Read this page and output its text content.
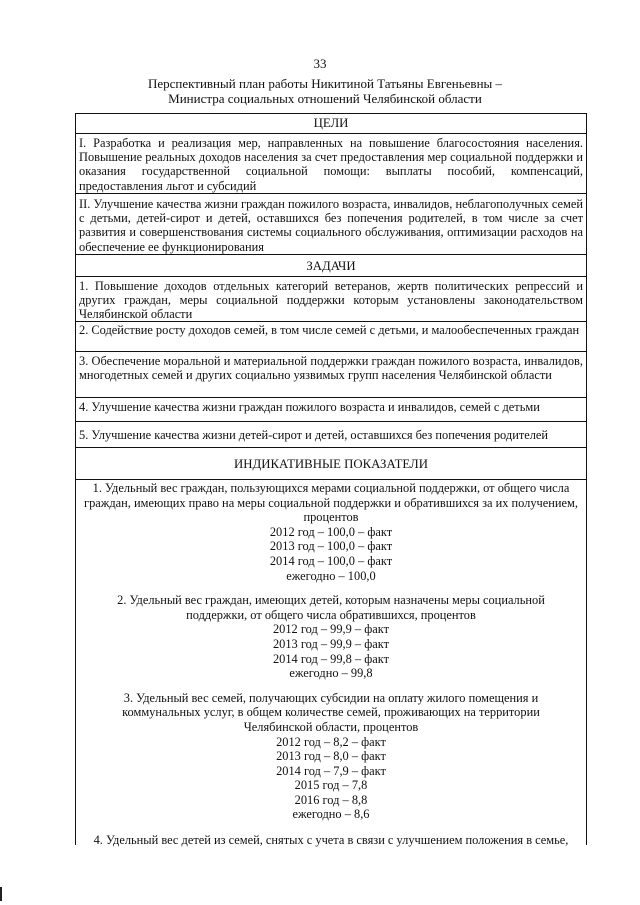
33
Перспективный план работы Никитиной Татьяны Евгеньевны –
Министра социальных отношений Челябинской области
ЦЕЛИ
I. Разработка и реализация мер, направленных на повышение благосостояния населения. Повышение реальных доходов населения за счет предоставления мер социальной поддержки и оказания государственной социальной помощи: выплаты пособий, компенсаций, предоставления льгот и субсидий
II. Улучшение качества жизни граждан пожилого возраста, инвалидов, неблагополучных семей с детьми, детей-сирот и детей, оставшихся без попечения родителей, в том числе за счет развития и совершенствования системы социального обслуживания, оптимизации расходов на обеспечение ее функционирования
ЗАДАЧИ
1. Повышение доходов отдельных категорий ветеранов, жертв политических репрессий и других граждан, меры социальной поддержки которым установлены законодательством Челябинской области
2. Содействие росту доходов семей, в том числе семей с детьми, и малообеспеченных граждан
3. Обеспечение моральной и материальной поддержки граждан пожилого возраста, инвалидов, многодетных семей и других социально уязвимых групп населения Челябинской области
4. Улучшение качества жизни граждан пожилого возраста и инвалидов, семей с детьми
5. Улучшение качества жизни детей-сирот и детей, оставшихся без попечения родителей
ИНДИКАТИВНЫЕ ПОКАЗАТЕЛИ
1. Удельный вес граждан, пользующихся мерами социальной поддержки, от общего числа граждан, имеющих право на меры социальной поддержки и обратившихся за их получением, процентов
2012 год – 100,0 – факт
2013 год – 100,0 – факт
2014 год – 100,0 – факт
ежегодно – 100,0
2. Удельный вес граждан, имеющих детей, которым назначены меры социальной поддержки, от общего числа обратившихся, процентов
2012 год – 99,9 – факт
2013 год – 99,9 – факт
2014 год – 99,8 – факт
ежегодно – 99,8
3. Удельный вес семей, получающих субсидии на оплату жилого помещения и коммунальных услуг, в общем количестве семей, проживающих на территории Челябинской области, процентов
2012 год – 8,2 – факт
2013 год – 8,0 – факт
2014 год – 7,9 – факт
2015 год – 7,8
2016 год – 8,8
ежегодно – 8,6
4. Удельный вес детей из семей, снятых с учета в связи с улучшением положения в семье,
